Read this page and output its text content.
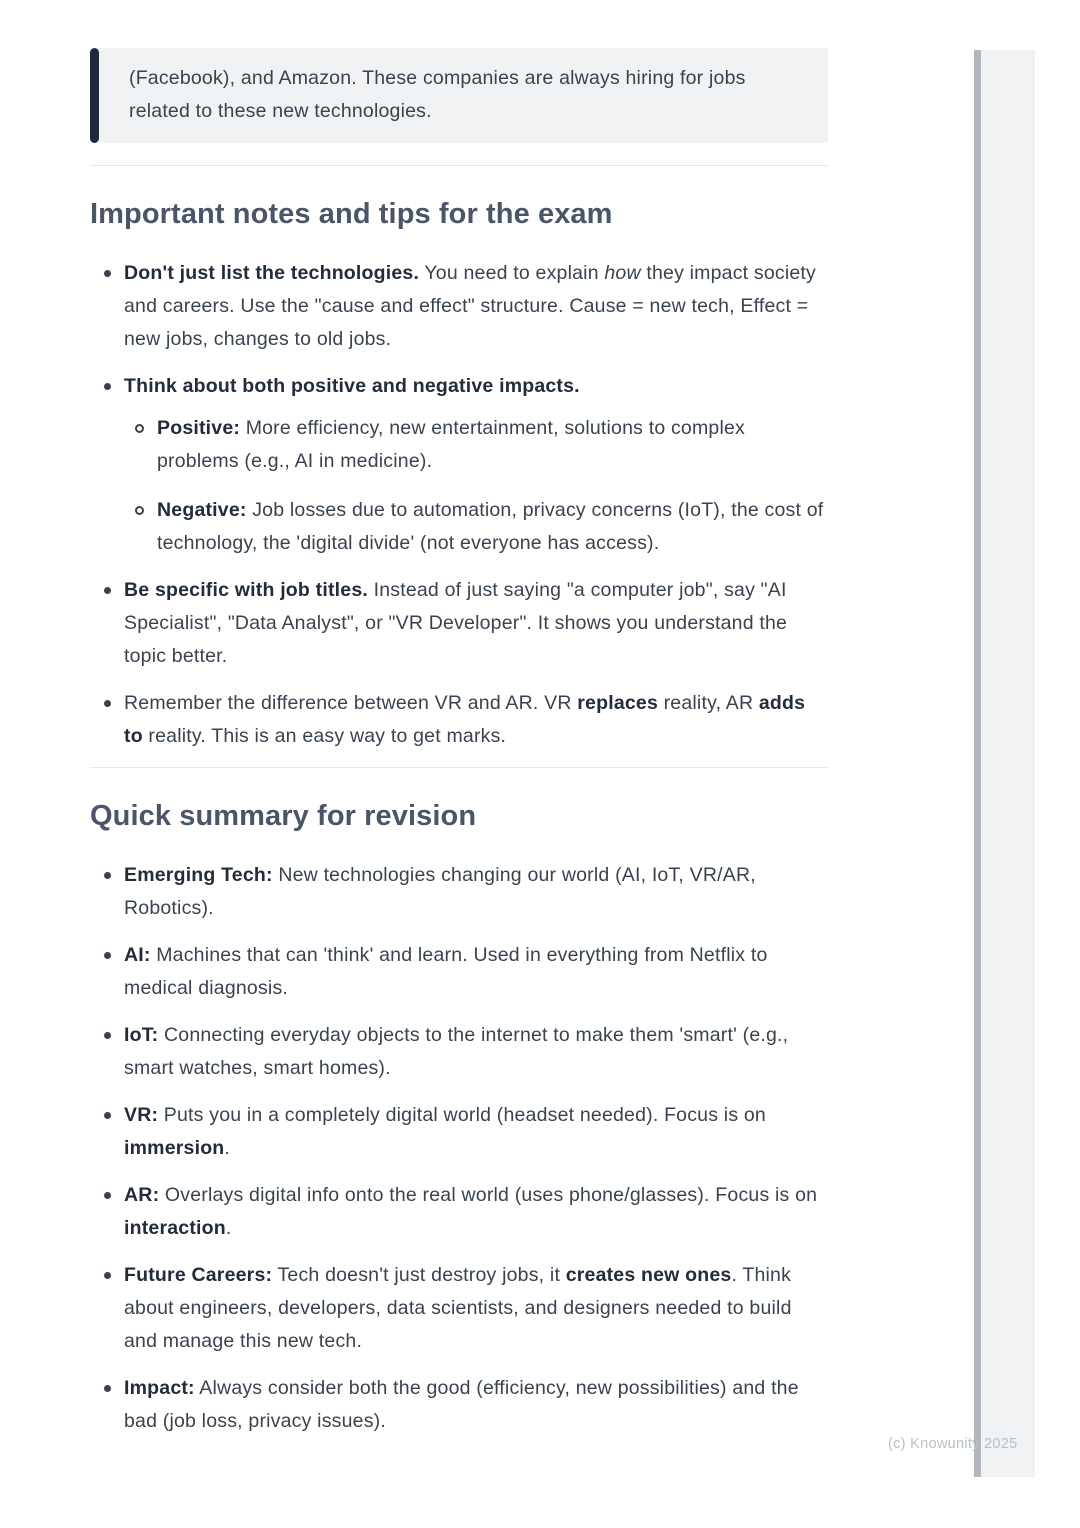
(Facebook), and Amazon. These companies are always hiring for jobs related to these new technologies.
Important notes and tips for the exam
Don't just list the technologies. You need to explain how they impact society and careers. Use the "cause and effect" structure. Cause = new tech, Effect = new jobs, changes to old jobs.
Think about both positive and negative impacts.
Positive: More efficiency, new entertainment, solutions to complex problems (e.g., AI in medicine).
Negative: Job losses due to automation, privacy concerns (IoT), the cost of technology, the 'digital divide' (not everyone has access).
Be specific with job titles. Instead of just saying "a computer job", say "AI Specialist", "Data Analyst", or "VR Developer". It shows you understand the topic better.
Remember the difference between VR and AR. VR replaces reality, AR adds to reality. This is an easy way to get marks.
Quick summary for revision
Emerging Tech: New technologies changing our world (AI, IoT, VR/AR, Robotics).
AI: Machines that can 'think' and learn. Used in everything from Netflix to medical diagnosis.
IoT: Connecting everyday objects to the internet to make them 'smart' (e.g., smart watches, smart homes).
VR: Puts you in a completely digital world (headset needed). Focus is on immersion.
AR: Overlays digital info onto the real world (uses phone/glasses). Focus is on interaction.
Future Careers: Tech doesn't just destroy jobs, it creates new ones. Think about engineers, developers, data scientists, and designers needed to build and manage this new tech.
Impact: Always consider both the good (efficiency, new possibilities) and the bad (job loss, privacy issues).
(c) Knowunity 2025
